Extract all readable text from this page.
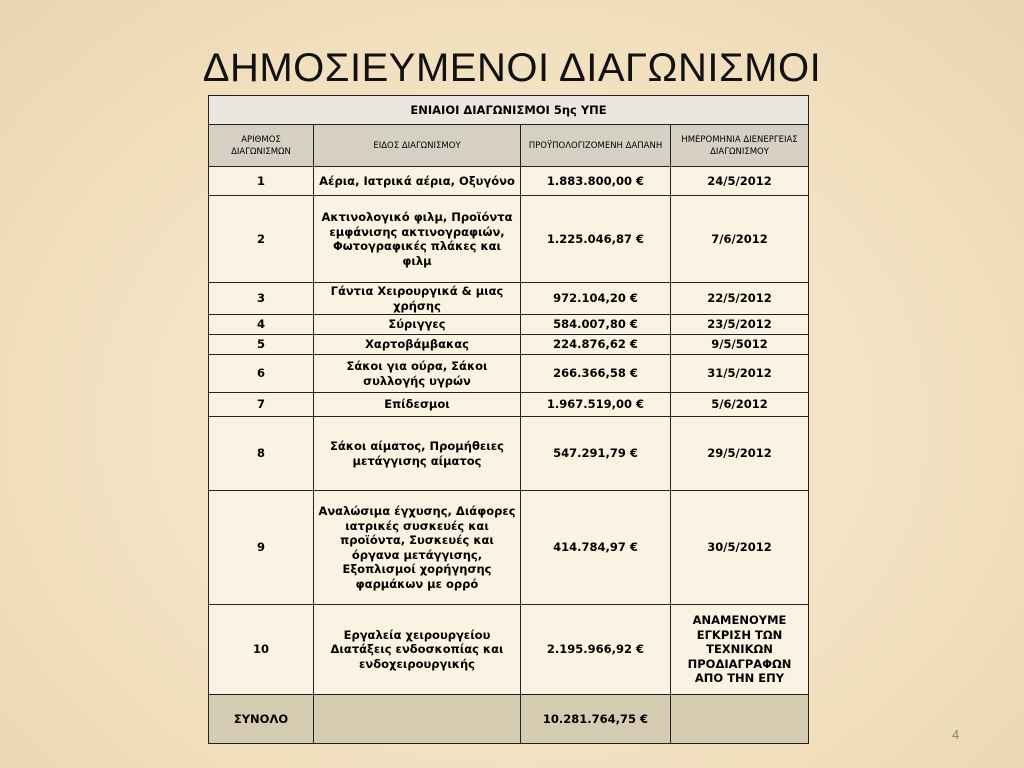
ΔΗΜΟΣΙΕΥΜΕΝΟΙ ΔΙΑΓΩΝΙΣΜΟΙ
ΕΝΙΑΙΟΙ ΔΙΑΓΩΝΙΣΜΟΙ 5ης ΥΠΕ			
ΑΡΙΘΜΟΣ ΔΙΑΓΩΝΙΣΜΩΝ	ΕΙΔΟΣ ΔΙΑΓΩΝΙΣΜΟΥ	ΠΡΟΫΠΟΛΟΓΙΖΟΜΕΝΗ ΔΑΠΑΝΗ	ΗΜΕΡΟΜΗΝΙΑ ΔΙΕΝΕΡΓΕΙΑΣ ΔΙΑΓΩΝΙΣΜΟΥ
1	Αέρια, Ιατρικά αέρια, Οξυγόνο	1.883.800,00 €	24/5/2012
2	Ακτινολογικό φιλμ, Προϊόντα εμφάνισης ακτινογραφιών, Φωτογραφικές πλάκες και φιλμ	1.225.046,87 €	7/6/2012
3	Γάντια Χειρουργικά & μιας χρήσης	972.104,20 €	22/5/2012
4	Σύριγγες	584.007,80 €	23/5/2012
5	Χαρτοβάμβακας	224.876,62 €	9/5/5012
6	Σάκοι για ούρα, Σάκοι συλλογής υγρών	266.366,58 €	31/5/2012
7	Επίδεσμοι	1.967.519,00 €	5/6/2012
8	Σάκοι αίματος, Προμήθειες μετάγγισης αίματος	547.291,79 €	29/5/2012
9	Αναλώσιμα έγχυσης, Διάφορες ιατρικές συσκευές και προϊόντα, Συσκευές και όργανα μετάγγισης, Εξοπλισμοί χορήγησης φαρμάκων με ορρό	414.784,97 €	30/5/2012
10	Εργαλεία χειρουργείου Διατάξεις ενδοσκοπίας και ενδοχειρουργικής	2.195.966,92 €	ΑΝΑΜΕΝΟΥΜΕ ΕΓΚΡΙΣΗ ΤΩΝ ΤΕΧΝΙΚΩΝ ΠΡΟΔΙΑΓΡΑΦΩΝ ΑΠΟ ΤΗΝ ΕΠΥ
ΣΥΝΟΛΟ		10.281.764,75 €	
4
